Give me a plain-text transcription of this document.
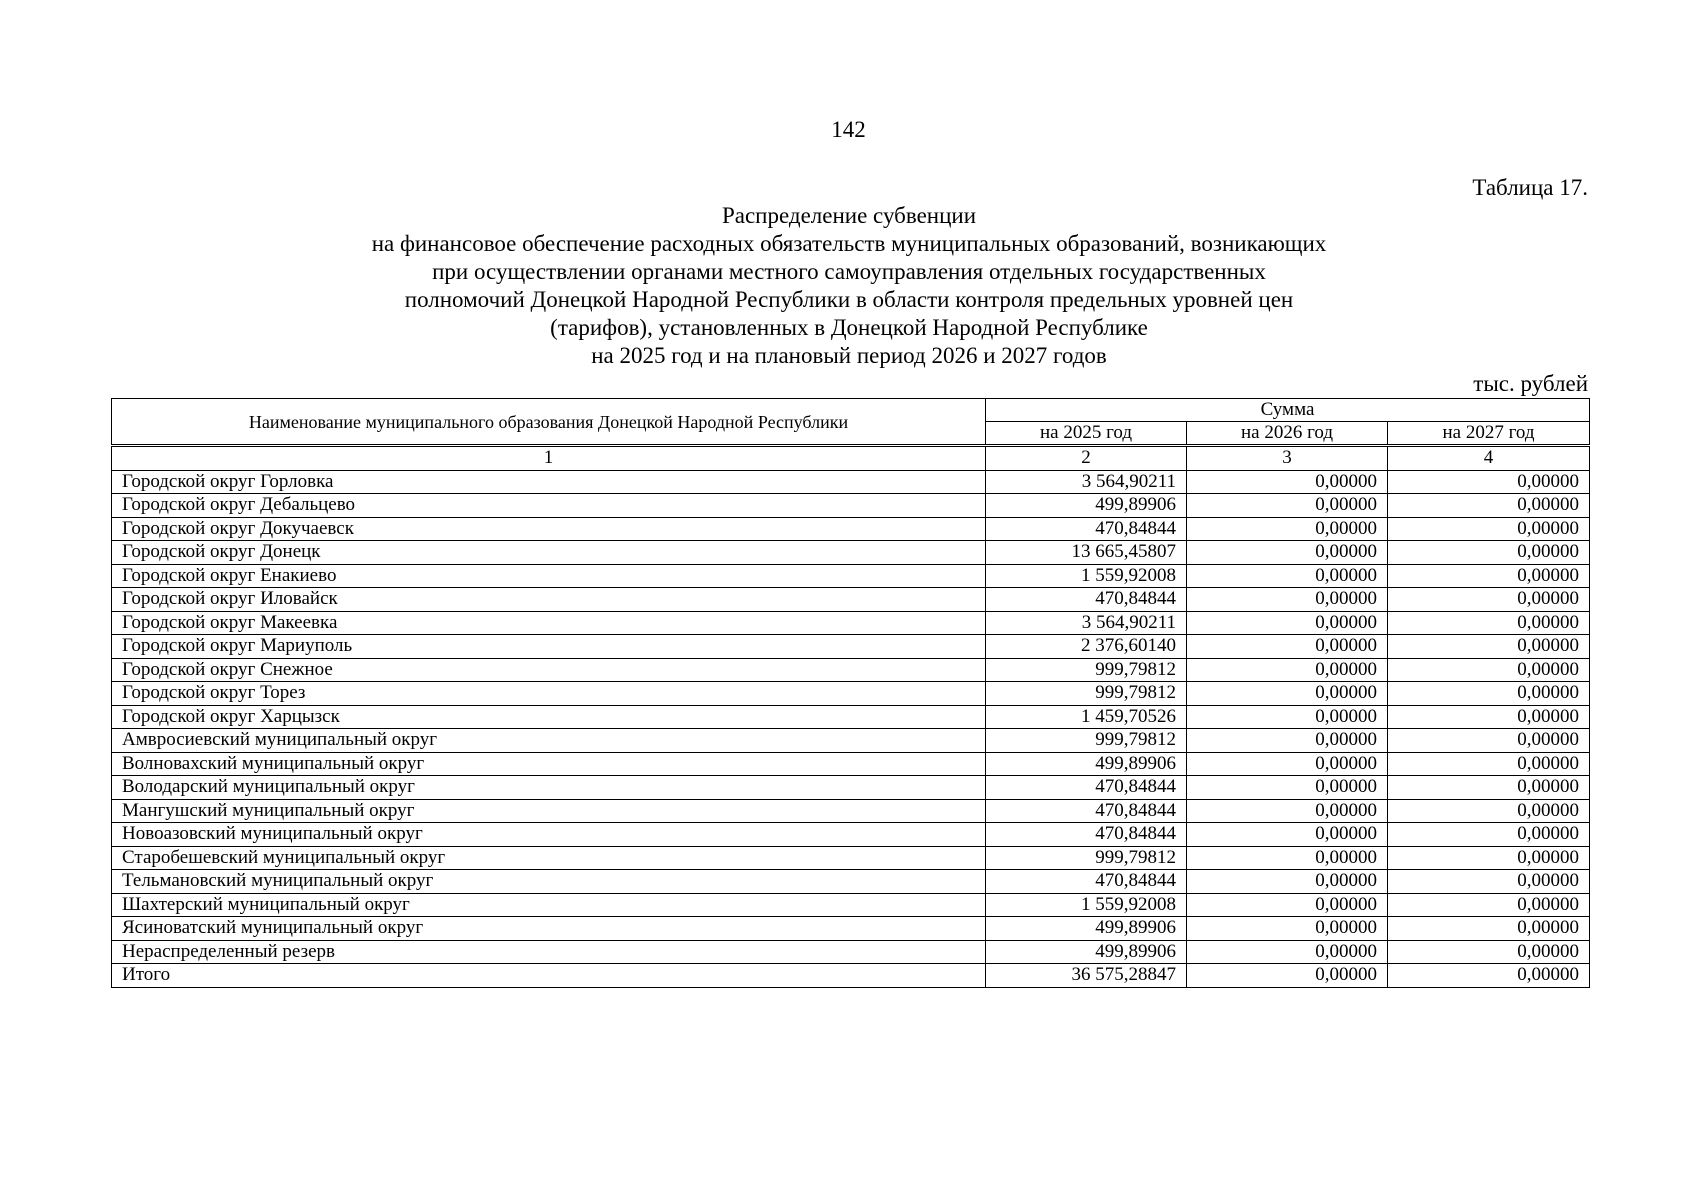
142
Таблица 17.
Распределение субвенции
на финансовое обеспечение расходных обязательств муниципальных образований, возникающих
при осуществлении органами местного самоуправления отдельных государственных
полномочий Донецкой Народной Республики в области контроля предельных уровней цен
(тарифов), установленных в Донецкой Народной Республике
на 2025 год и на плановый период 2026 и 2027 годов
тыс. рублей
Наименование муниципального образования Донецкой Народной Республики	Сумма		
	на 2025 год	на 2026 год	на 2027 год
1	2	3	4
Городской округ Горловка	3 564,90211	0,00000	0,00000
Городской округ Дебальцево	499,89906	0,00000	0,00000
Городской округ Докучаевск	470,84844	0,00000	0,00000
Городской округ Донецк	13 665,45807	0,00000	0,00000
Городской округ Енакиево	1 559,92008	0,00000	0,00000
Городской округ Иловайск	470,84844	0,00000	0,00000
Городской округ Макеевка	3 564,90211	0,00000	0,00000
Городской округ Мариуполь	2 376,60140	0,00000	0,00000
Городской округ Снежное	999,79812	0,00000	0,00000
Городской округ Торез	999,79812	0,00000	0,00000
Городской округ Харцызск	1 459,70526	0,00000	0,00000
Амвросиевский муниципальный округ	999,79812	0,00000	0,00000
Волновахский муниципальный округ	499,89906	0,00000	0,00000
Володарский муниципальный округ	470,84844	0,00000	0,00000
Мангушский муниципальный округ	470,84844	0,00000	0,00000
Новоазовский муниципальный округ	470,84844	0,00000	0,00000
Старобешевский муниципальный округ	999,79812	0,00000	0,00000
Тельмановский муниципальный округ	470,84844	0,00000	0,00000
Шахтерский муниципальный округ	1 559,92008	0,00000	0,00000
Ясиноватский муниципальный округ	499,89906	0,00000	0,00000
Нераспределенный резерв	499,89906	0,00000	0,00000
Итого	36 575,28847	0,00000	0,00000
